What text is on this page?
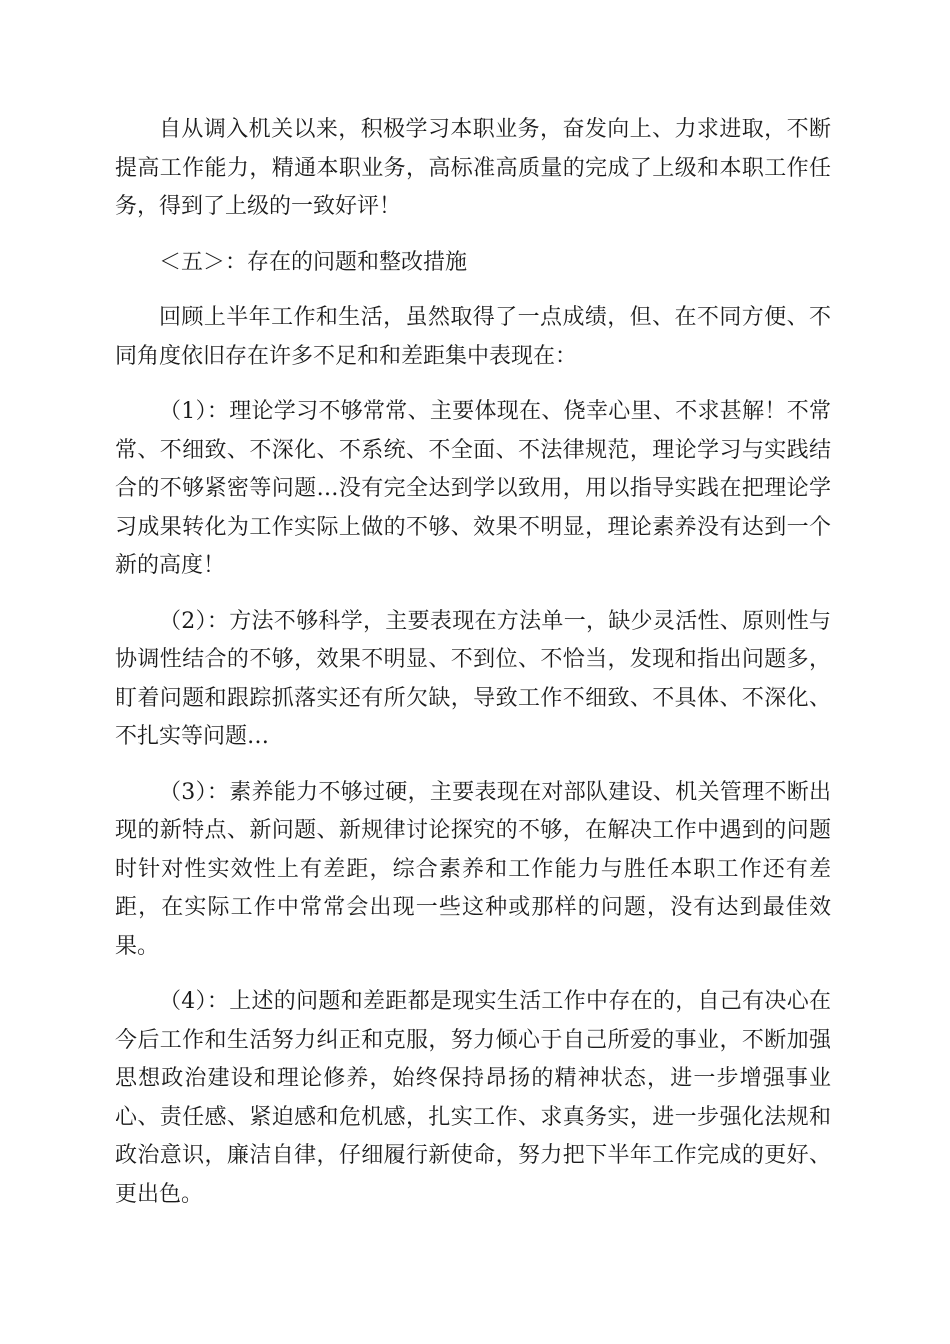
自从调入机关以来，积极学习本职业务，奋发向上、力求进取，不断提高工作能力，精通本职业务，高标准高质量的完成了上级和本职工作任务，得到了上级的一致好评！

＜五＞：存在的问题和整改措施

回顾上半年工作和生活，虽然取得了一点成绩，但、在不同方便、不同角度依旧存在许多不足和和差距集中表现在：

（1）：理论学习不够常常、主要体现在、侥幸心里、不求甚解！不常常、不细致、不深化、不系统、不全面、不法律规范，理论学习与实践结合的不够紧密等问题…没有完全达到学以致用，用以指导实践在把理论学习成果转化为工作实际上做的不够、效果不明显，理论素养没有达到一个新的高度！

（2）：方法不够科学，主要表现在方法单一，缺少灵活性、原则性与协调性结合的不够，效果不明显、不到位、不恰当，发现和指出问题多，盯着问题和跟踪抓落实还有所欠缺，导致工作不细致、不具体、不深化、不扎实等问题…

（3）：素养能力不够过硬，主要表现在对部队建设、机关管理不断出现的新特点、新问题、新规律讨论探究的不够，在解决工作中遇到的问题时针对性实效性上有差距，综合素养和工作能力与胜任本职工作还有差距，在实际工作中常常会出现一些这种或那样的问题，没有达到最佳效果。

（4）：上述的问题和差距都是现实生活工作中存在的，自己有决心在今后工作和生活努力纠正和克服，努力倾心于自己所爱的事业，不断加强思想政治建设和理论修养，始终保持昂扬的精神状态，进一步增强事业心、责任感、紧迫感和危机感，扎实工作、求真务实，进一步强化法规和政治意识，廉洁自律，仔细履行新使命，努力把下半年工作完成的更好、更出色。
